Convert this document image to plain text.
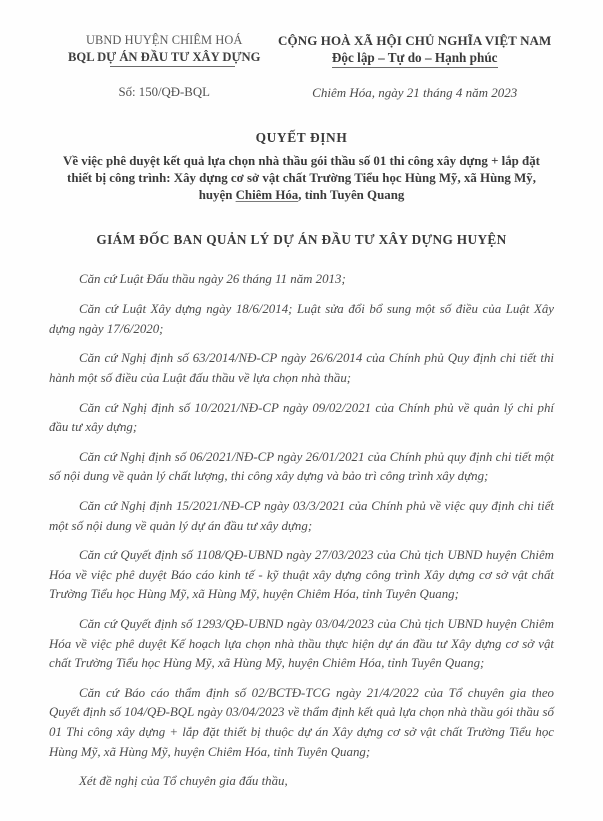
UBND HUYỆN CHIÊM HOÁ
BQL DỰ ÁN ĐẦU TƯ XÂY DỰNG
Số: 150/QĐ-BQL
CỘNG HOÀ XÃ HỘI CHỦ NGHĨA VIỆT NAM
Độc lập – Tự do – Hạnh phúc
Chiêm Hóa, ngày 21 tháng 4 năm 2023
QUYẾT ĐỊNH
Về việc phê duyệt kết quả lựa chọn nhà thầu gói thầu số 01 thi công xây dựng + lắp đặt thiết bị công trình: Xây dựng cơ sở vật chất Trường Tiểu học Hùng Mỹ, xã Hùng Mỹ, huyện Chiêm Hóa, tỉnh Tuyên Quang
GIÁM ĐỐC BAN QUẢN LÝ DỰ ÁN ĐẦU TƯ XÂY DỰNG HUYỆN

Căn cứ Luật Đấu thầu ngày 26 tháng 11 năm 2013;

Căn cứ Luật Xây dựng ngày 18/6/2014; Luật sửa đổi bổ sung một số điều của Luật Xây dựng ngày 17/6/2020;

Căn cứ Nghị định số 63/2014/NĐ-CP ngày 26/6/2014 của Chính phủ Quy định chi tiết thi hành một số điều của Luật đấu thầu về lựa chọn nhà thầu;

Căn cứ Nghị định số 10/2021/NĐ-CP ngày 09/02/2021 của Chính phủ về quản lý chi phí đầu tư xây dựng;

Căn cứ Nghị định số 06/2021/NĐ-CP ngày 26/01/2021 của Chính phủ quy định chi tiết một số nội dung về quản lý chất lượng, thi công xây dựng và bảo trì công trình xây dựng;

Căn cứ Nghị định 15/2021/NĐ-CP ngày 03/3/2021 của Chính phủ về việc quy định chi tiết một số nội dung về quản lý dự án đầu tư xây dựng;

Căn cứ Quyết định số 1108/QĐ-UBND ngày 27/03/2023 của Chủ tịch UBND huyện Chiêm Hóa về việc phê duyệt Báo cáo kinh tế - kỹ thuật xây dựng công trình Xây dựng cơ sở vật chất Trường Tiểu học Hùng Mỹ, xã Hùng Mỹ, huyện Chiêm Hóa, tỉnh Tuyên Quang;

Căn cứ Quyết định số 1293/QĐ-UBND ngày 03/04/2023 của Chủ tịch UBND huyện Chiêm Hóa về việc phê duyệt Kế hoạch lựa chọn nhà thầu thực hiện dự án đầu tư Xây dựng cơ sở vật chất Trường Tiểu học Hùng Mỹ, xã Hùng Mỹ, huyện Chiêm Hóa, tỉnh Tuyên Quang;

Căn cứ Báo cáo thẩm định số 02/BCTĐ-TCG ngày 21/4/2022 của Tổ chuyên gia theo Quyết định số 104/QĐ-BQL ngày 03/04/2023 về thẩm định kết quả lựa chọn nhà thầu gói thầu số 01 Thi công xây dựng + lắp đặt thiết bị thuộc dự án Xây dựng cơ sở vật chất Trường Tiểu học Hùng Mỹ, xã Hùng Mỹ, huyện Chiêm Hóa, tỉnh Tuyên Quang;

Xét đề nghị của Tổ chuyên gia đấu thầu,
